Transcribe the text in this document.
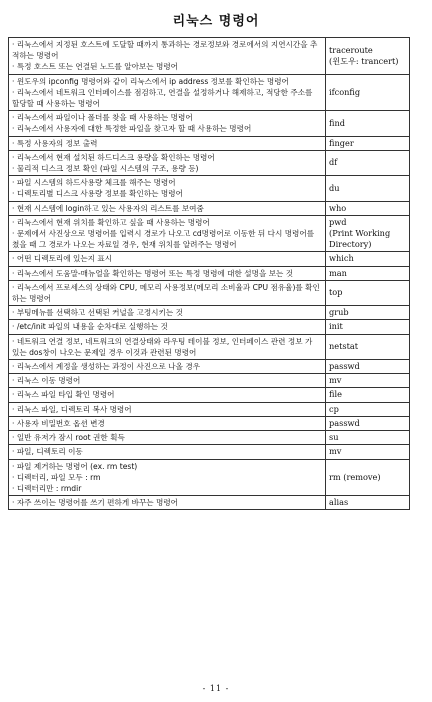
리눅스 명령어
· 리눅스에서 지정된 호스트에 도달할 때까지 통과하는 경로정보와 경로에서의 지연시간을 추적하는 명령어
· 특정 호스트 또는 연결된 노드를 알아보는 명령어	traceroute
(윈도우: trancert)

· 윈도우의 ipconfig 명령어와 같이 리눅스에서 ip address 정보를 확인하는 명령어
· 리눅스에서 네트워크 인터페이스를 점검하고, 연결을 설정하거나 해제하고, 적당한 주소를 할당할 때 사용하는 명령어	ifconfig

· 리눅스에서 파일이나 폴더를 찾을 때 사용하는 명령어
· 리눅스에서 사용자에 대한 특정한 파일을 찾고자 할 때 사용하는 명령어	find

· 특정 사용자의 정보 출력	finger

· 리눅스에서 현재 설치된 하드디스크 용량을 확인하는 명령어
· 물리적 디스크 정보 확인 (파일 시스템의 구조, 용량 등)	df

· 파일 시스템의 하드사용량 체크를 해주는 명령어
· 디렉토리별 디스크 사용량 정보를 확인하는 명령어	du

· 현재 시스템에 login하고 있는 사용자의 리스트를 보여줌	who

· 리눅스에서 현재 위치를 확인하고 싶을 때 사용하는 명령어
· 문제에서 사진상으로 명령어를 입력시 경로가 나오고 cd명령어로 이동한 뒤 다시 명령어를 쳤을 때 그 경로가 나오는 자료일 경우, 현재 위치를 알려주는 명령어	pwd
(Print Working
Directory)

· 어떤 디렉토리에 있는지 표시	which

· 리눅스에서 도움말-매뉴얼을 확인하는 명령어 또는 특정 명령에 대한 설명을 보는 것	man

· 리눅스에서 프로세스의 상태와 CPU, 메모리 사용정보(메모리 소비율과 CPU 점유율)를 확인하는 명령어	top

· 부팅메뉴를 선택하고 선택된 커널을 고정시키는 것	grub

· /etc/init 파일의 내용을 순차대로 실행하는 것	init

· 네트워크 연결 정보, 네트워크의 연결상태와 라우팅 테이블 정보, 인터페이스 관련 정보 가 있는 dos창이 나오는 문제일 경우 이것과 관련된 명령어	netstat

· 리눅스에서 계정을 생성하는 과정이 사진으로 나올 경우	passwd

· 리눅스 이동 명령어	mv

· 리눅스 파일 타입 확인 명령어	file

· 리눅스 파일, 디렉토리 복사 명령어	cp

· 사용자 비밀번호 옵션 변경	passwd

· 일반 유저가 잠시 root 권한 획득	su

· 파일, 디렉토리 이동	mv

· 파일 제거하는 명령어 (ex. rm test)
· 디렉터리, 파일 모두 : rm
· 디렉터리만 : rmdir	rm (remove)

· 자주 쓰이는 명령어를 쓰기 편하게 바꾸는 명령어	alias
- 11 -
